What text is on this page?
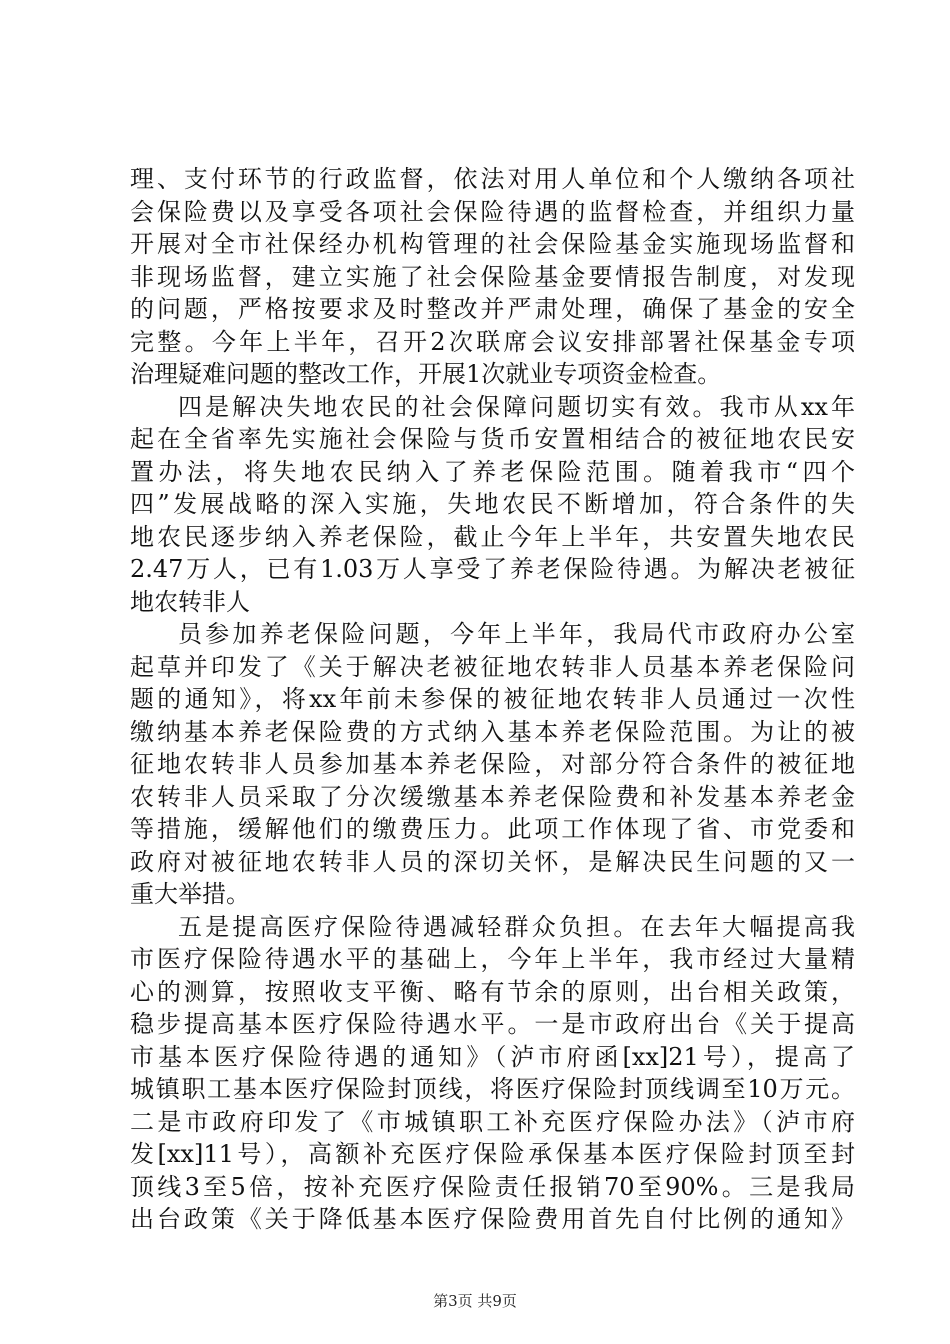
理、支付环节的行政监督，依法对用人单位和个人缴纳各项社
会保险费以及享受各项社会保险待遇的监督检查，并组织力量
开展对全市社保经办机构管理的社会保险基金实施现场监督和
非现场监督，建立实施了社会保险基金要情报告制度，对发现
的问题，严格按要求及时整改并严肃处理，确保了基金的安全
完整。今年上半年，召开2次联席会议安排部署社保基金专项
治理疑难问题的整改工作，开展1次就业专项资金检查。
四是解决失地农民的社会保障问题切实有效。我市从xx年
起在全省率先实施社会保险与货币安置相结合的被征地农民安
置办法，将失地农民纳入了养老保险范围。随着我市“四个
四”发展战略的深入实施，失地农民不断增加，符合条件的失
地农民逐步纳入养老保险，截止今年上半年，共安置失地农民
2.47万人，已有1.03万人享受了养老保险待遇。为解决老被征
地农转非人
员参加养老保险问题，今年上半年，我局代市政府办公室
起草并印发了《关于解决老被征地农转非人员基本养老保险问
题的通知》，将xx年前未参保的被征地农转非人员通过一次性
缴纳基本养老保险费的方式纳入基本养老保险范围。为让的被
征地农转非人员参加基本养老保险，对部分符合条件的被征地
农转非人员采取了分次缓缴基本养老保险费和补发基本养老金
等措施，缓解他们的缴费压力。此项工作体现了省、市党委和
政府对被征地农转非人员的深切关怀，是解决民生问题的又一
重大举措。
五是提高医疗保险待遇减轻群众负担。在去年大幅提高我
市医疗保险待遇水平的基础上，今年上半年，我市经过大量精
心的测算，按照收支平衡、略有节余的原则，出台相关政策，
稳步提高基本医疗保险待遇水平。一是市政府出台《关于提高
市基本医疗保险待遇的通知》（泸市府函[xx]21号），提高了
城镇职工基本医疗保险封顶线，将医疗保险封顶线调至10万元。
二是市政府印发了《市城镇职工补充医疗保险办法》（泸市府
发[xx]11号），高额补充医疗保险承保基本医疗保险封顶至封
顶线3至5倍，按补充医疗保险责任报销70至90%。三是我局
出台政策《关于降低基本医疗保险费用首先自付比例的通知》
第3页 共9页
